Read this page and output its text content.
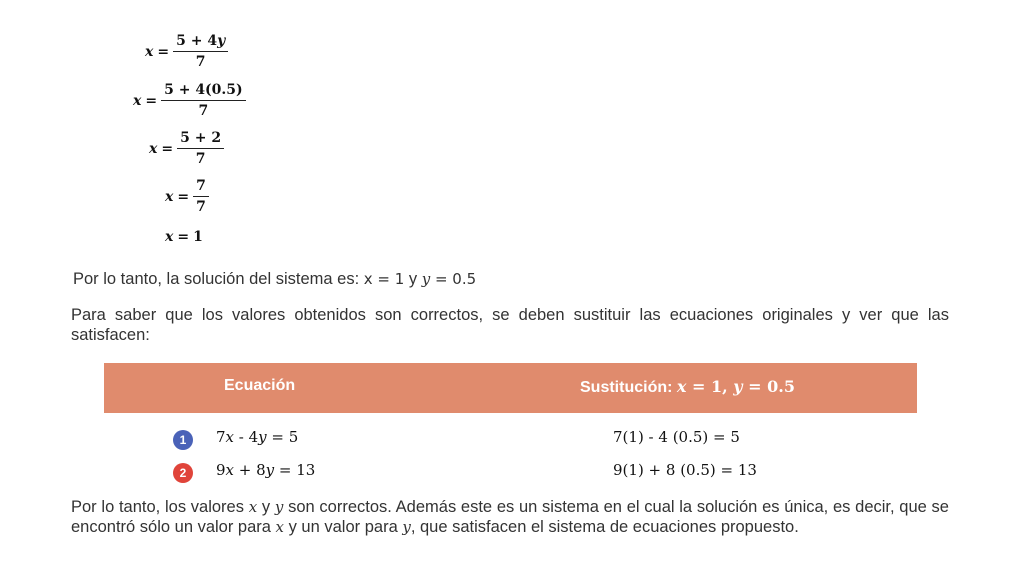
$x = \frac{5 + 4y}{7}$
$x = \frac{5 + 4(0.5)}{7}$
$x = \frac{5 + 2}{7}$
$x = \frac{7}{7}$
x = 1

Por lo tanto, la solución del sistema es: x = 1 y y = 0.5

Para saber que los valores obtenidos son correctos, se deben sustituir las ecuaciones originales y ver que las satisfacen:

Ecuación	Sustitución: x = 1, y = 0.5
1	7x - 4y = 5	7(1) - 4 (0.5) = 5
2	9x + 8y = 13	9(1) + 8 (0.5) = 13

Por lo tanto, los valores x y y son correctos. Además este es un sistema en el cual la solución es única, es decir, que se encontró sólo un valor para x y un valor para y, que satisfacen el sistema de ecuaciones propuesto.
